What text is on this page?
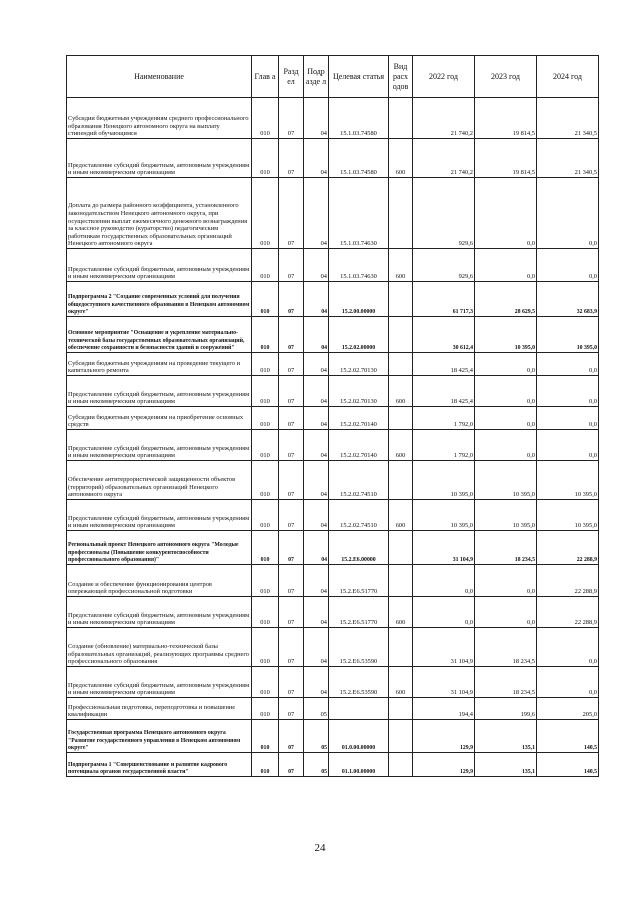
Наименование	Глав а	Разд ел	Подр азде л	Целевая статья	Вид расх одов	2022 год	2023 год	2024 год
Субсидии бюджетным учреждениям среднего профессионального образования Ненецкого автономного округа на выплату стипендий обучающимся	010	07	04	15.1.03.74580		21 740,2	19 814,5	21 340,5
Предоставление субсидий бюджетным, автономным учреждениям и иным некоммерческим организациям	010	07	04	15.1.03.74580	600	21 740,2	19 814,5	21 340,5
Доплата до размера районного коэффициента, установленного законодательством Ненецкого автономного округа, при осуществлении выплат ежемесячного денежного вознаграждения за классное руководство (кураторство) педагогическим работникам государственных образовательных организаций Ненецкого автономного округа	010	07	04	15.1.03.74630		929,6	0,0	0,0
Предоставление субсидий бюджетным, автономным учреждениям и иным некоммерческим организациям	010	07	04	15.1.03.74630	600	929,6	0,0	0,0
Подпрограмма 2 "Создание современных условий для получения общедоступного качественного образования в Ненецком автономном округе"	010	07	04	15.2.00.00000		61 717,3	28 629,5	32 683,9
Основное мероприятие "Оснащение и укрепление материально-технической базы государственных образовательных организаций, обеспечение сохранности и безопасности зданий и сооружений"	010	07	04	15.2.02.00000		30 612,4	10 395,0	10 395,0
Субсидии бюджетным учреждениям на проведение текущего и капитального ремонта	010	07	04	15.2.02.70130		18 425,4	0,0	0,0
Предоставление субсидий бюджетным, автономным учреждениям и иным некоммерческим организациям	010	07	04	15.2.02.70130	600	18 425,4	0,0	0,0
Субсидии бюджетным учреждениям на приобретение основных средств	010	07	04	15.2.02.70140		1 792,0	0,0	0,0
Предоставление субсидий бюджетным, автономным учреждениям и иным некоммерческим организациям	010	07	04	15.2.02.70140	600	1 792,0	0,0	0,0
Обеспечение антитеррористической защищенности объектов (территорий) образовательных организаций Ненецкого автономного округа	010	07	04	15.2.02.74510		10 395,0	10 395,0	10 395,0
Предоставление субсидий бюджетным, автономным учреждениям и иным некоммерческим организациям	010	07	04	15.2.02.74510	600	10 395,0	10 395,0	10 395,0
Региональный проект Ненецкого автономного округа "Молодые профессионалы (Повышение конкурентоспособности профессионального образования)"	010	07	04	15.2.E6.00000		31 104,9	18 234,5	22 288,9
Создание и обеспечение функционирования центров опережающей профессиональной подготовки	010	07	04	15.2.E6.51770		0,0	0,0	22 288,9
Предоставление субсидий бюджетным, автономным учреждениям и иным некоммерческим организациям	010	07	04	15.2.E6.51770	600	0,0	0,0	22 288,9
Создание (обновление) материально-технической базы образовательных организаций, реализующих программы среднего профессионального образования	010	07	04	15.2.E6.53590		31 104,9	18 234,5	0,0
Предоставление субсидий бюджетным, автономным учреждениям и иным некоммерческим организациям	010	07	04	15.2.E6.53590	600	31 104,9	18 234,5	0,0
Профессиональная подготовка, переподготовка и повышение квалификации	010	07	05			194,4	199,6	205,0
Государственная программа Ненецкого автономного округа "Развитие государственного управления в Ненецком автономном округе"	010	07	05	01.0.00.00000		129,9	135,1	140,5
Подпрограмма 1 "Совершенствование и развитие кадрового потенциала органов государственной власти"	010	07	05	01.1.00.00000		129,9	135,1	140,5
24
